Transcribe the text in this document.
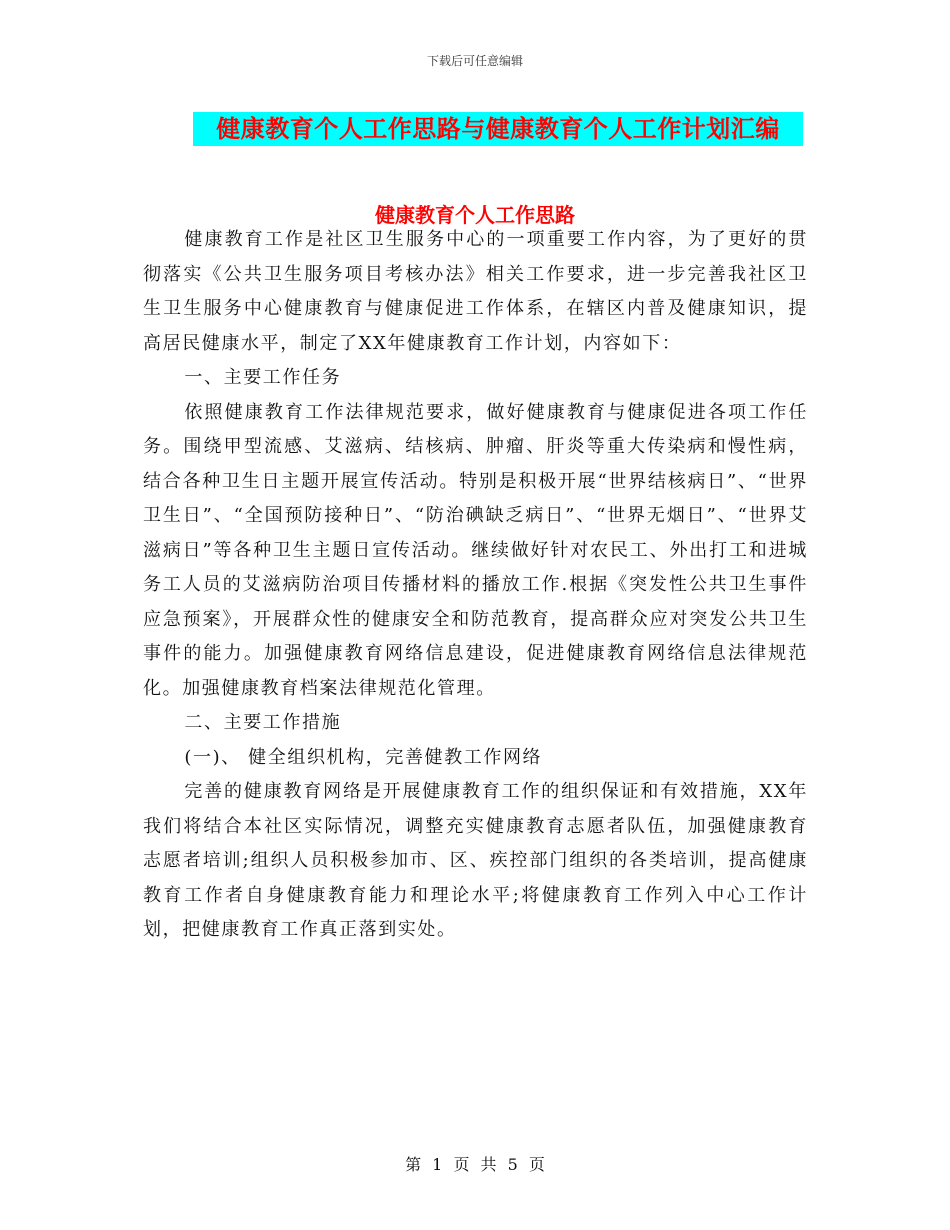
下载后可任意编辑
健康教育个人工作思路与健康教育个人工作计划汇编
健康教育个人工作思路

健康教育工作是社区卫生服务中心的一项重要工作内容，为了更好的贯彻落实《公共卫生服务项目考核办法》相关工作要求，进一步完善我社区卫生卫生服务中心健康教育与健康促进工作体系，在辖区内普及健康知识，提高居民健康水平，制定了XX年健康教育工作计划，内容如下：

一、主要工作任务

依照健康教育工作法律规范要求，做好健康教育与健康促进各项工作任务。围绕甲型流感、艾滋病、结核病、肿瘤、肝炎等重大传染病和慢性病，结合各种卫生日主题开展宣传活动。特别是积极开展“世界结核病日”、“世界卫生日”、“全国预防接种日”、“防治碘缺乏病日”、“世界无烟日”、“世界艾滋病日”等各种卫生主题日宣传活动。继续做好针对农民工、外出打工和进城务工人员的艾滋病防治项目传播材料的播放工作.根据《突发性公共卫生事件应急预案》，开展群众性的健康安全和防范教育，提高群众应对突发公共卫生事件的能力。加强健康教育网络信息建设，促进健康教育网络信息法律规范化。加强健康教育档案法律规范化管理。

二、主要工作措施

(一)、 健全组织机构，完善健教工作网络

完善的健康教育网络是开展健康教育工作的组织保证和有效措施，XX年我们将结合本社区实际情况，调整充实健康教育志愿者队伍，加强健康教育志愿者培训;组织人员积极参加市、区、疾控部门组织的各类培训，提高健康教育工作者自身健康教育能力和理论水平;将健康教育工作列入中心工作计划，把健康教育工作真正落到实处。

第 1 页 共 5 页
